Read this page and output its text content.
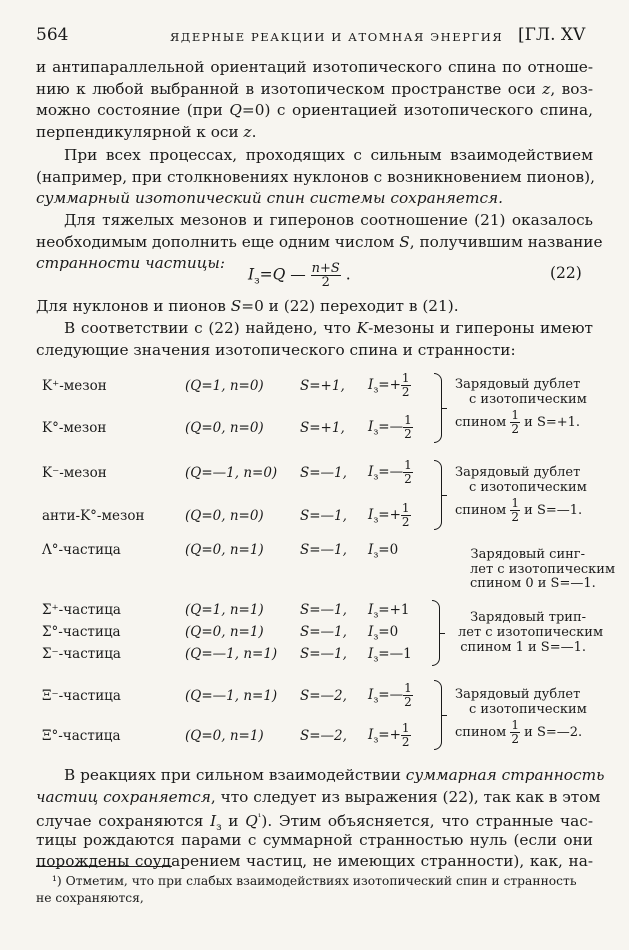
564	ЯДЕРНЫЕ РЕАКЦИИ И АТОМНАЯ ЭНЕРГИЯ [ГЛ. XV
и антипараллельной ориентаций изотопического спина по отноше-
нию к любой выбранной в изотопическом пространстве оси z, воз-
можно состояние (при Q=0) с ориентацией изотопического спина,
перпендикулярной к оси z.
При всех процессах, проходящих с сильным взаимодействием
(например, при столкновениях нуклонов с возникновением пионов),
суммарный изотопический спин системы сохраняется.
Для тяжелых мезонов и гиперонов соотношение (21) оказалось
необходимым дополнить еще одним числом S, получившим название
странности частицы:
$I_з=Q$ — $\frac{n+S}{2}$ .	(22)
Для нуклонов и пионов S=0 и (22) переходит в (21).
В соответствии с (22) найдено, что K-мезоны и гипероны имеют
следующие значения изотопического спина и странности:
K⁺-мезон	(Q=1, n=0)	S=+1, $I_з=+ \frac{1}{2}$
K°-мезон	(Q=0, n=0)	S=+1, $I_з=— \frac{1}{2}$
K⁻-мезон	(Q=—1, n=0) S=—1, $I_з=— \frac{1}{2}$
анти-K°-мезон	(Q=0, n=0)	S=—1, $I_з=+ \frac{1}{2}$
Λ°-частица	(Q=0, n=1)	S=—1, $I_з=0$
Σ⁺-частица	(Q=1, n=1)	S=—1, $I_з=+1$
Σ°-частица	(Q=0, n=1)	S=—1, $I_з=0$
Σ⁻-частица	(Q=—1, n=1) S=—1, $I_з=—1$
Ξ⁻-частица	(Q=—1, n=1) S=—2, $I_з=— \frac{1}{2}$
Ξ°-частица	(Q=0, n=1)	S=—2, $I_з=+ \frac{1}{2}$
Зарядовый дублет
с изотопическим
спином $\frac{1}{2}$ и S=+1.
Зарядовый дублет
с изотопическим
спином $\frac{1}{2}$ и S=—1.
Зарядовый синг-
лет с изотопическим
спином 0 и S=—1.
Зарядовый трип-
лет с изотопическим
спином 1 и S=—1.
Зарядовый дублет
с изотопическим
спином $\frac{1}{2}$ и S=—2.
В реакциях при сильном взаимодействии суммарная странность
частиц сохраняется, что следует из выражения (22), так как в этом
случае сохраняются $I_з$ и $Q^{^1}$). Этим объясняется, что странные час-
тицы рождаются парами с суммарной странностью нуль (если они
порождены соударением частиц, не имеющих странности), как, на-
¹) Отметим, что при слабых взаимодействиях изотопический спин и странность
не сохраняются,
